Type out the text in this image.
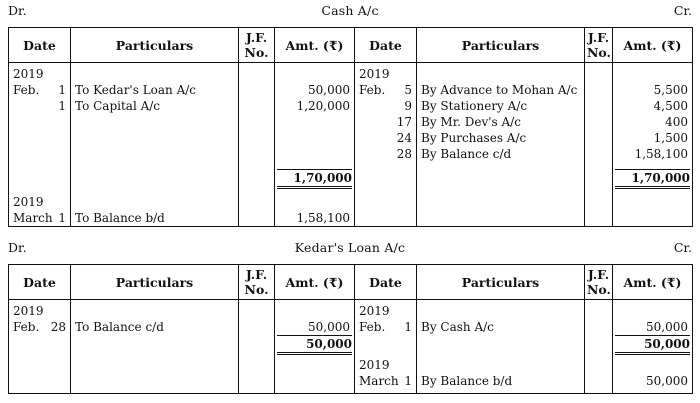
Dr.	Cash A/c	Cr.
Date	Particulars	J.F.
No.	Amt. (₹)	Date	Particulars	J.F.
No.	Amt. (₹)

2019				2019			

Feb. 1	To Kedar's Loan A/c		50,000	Feb. 5	By Advance to Mohan A/c		5,500

1	To Capital A/c		1,20,000	9	By Stationery A/c		4,500

				17	By Mr. Dev's A/c		400

				24	By Purchases A/c		1,500

				28	By Balance c/d		1,58,100

			1,70,000				1,70,000

2019							

March 1	To Balance b/d		1,58,100				
Dr.	Kedar's Loan A/c	Cr.
Date	Particulars	J.F.
No.	Amt. (₹)	Date	Particulars	J.F.
No.	Amt. (₹)

2019				2019			

Feb. 28	To Balance c/d		50,000	Feb. 1	By Cash A/c		50,000

			50,000				50,000

				2019			

				March 1	By Balance b/d		50,000
